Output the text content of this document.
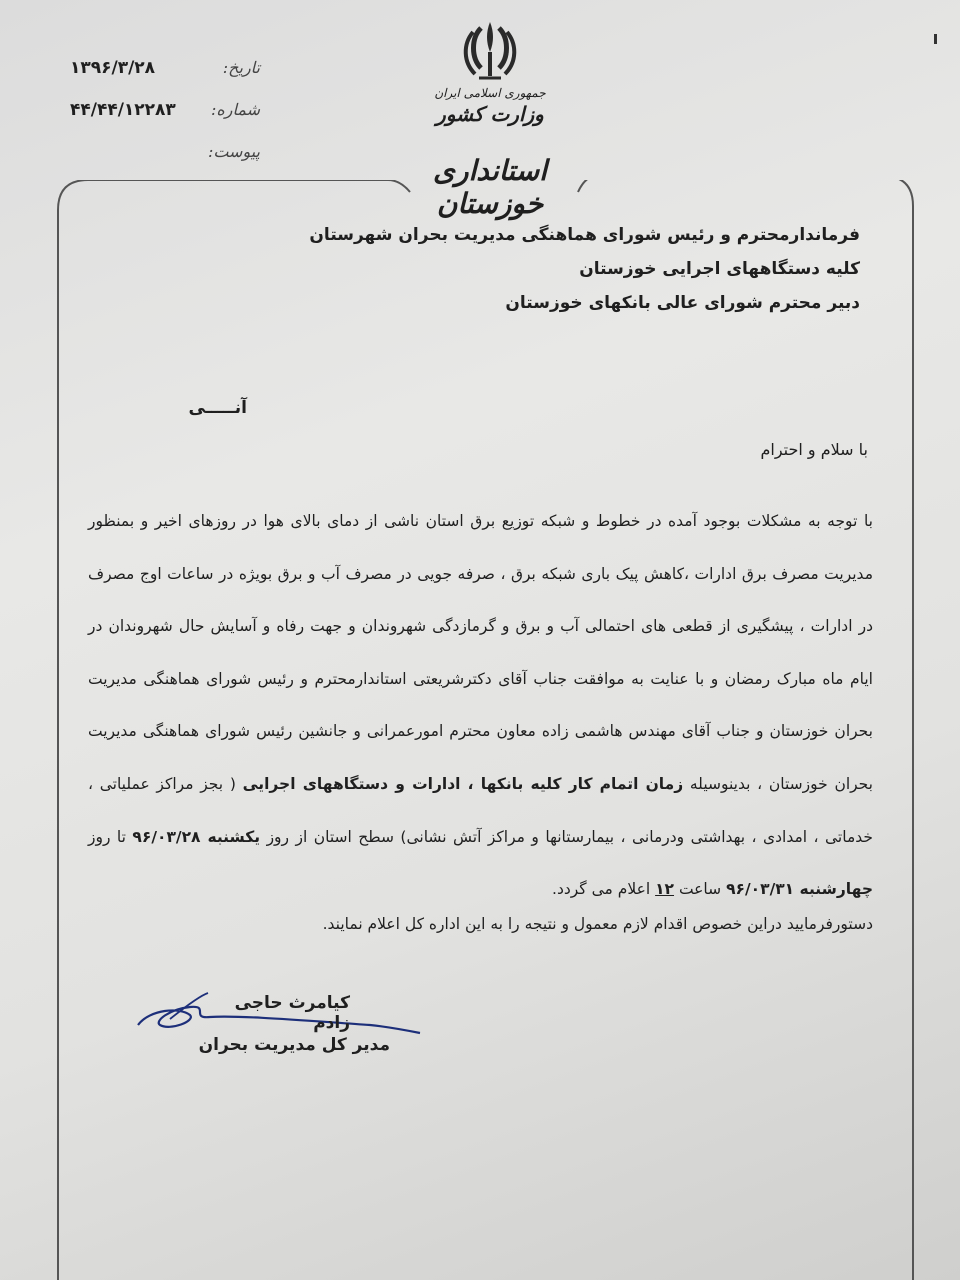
تاریخ:
۱۳۹۶/۳/۲۸
شماره:
۴۴/۴۴/۱۲۲۸۳
پیوست:
جمهوری اسلامی ایران
وزارت کشور
استانداری خوزستان
فرماندارمحترم و رئیس شورای هماهنگی مدیریت بحران شهرستان
کلیه دستگاههای اجرایی خوزستان
دبیر محترم شورای عالی بانکهای خوزستان
آنـــــی
با سلام و احترام
با توجه به مشکلات بوجود آمده در خطوط و شبکه توزیع برق استان ناشی از دمای بالای هوا در روزهای اخیر و بمنظور مدیریت مصرف برق ادارات ،کاهش پیک باری شبکه برق ، صرفه جویی در مصرف آب و برق بویژه در ساعات اوج مصرف در ادارات ، پیشگیری از قطعی های احتمالی آب و برق و گرمازدگی شهروندان و جهت رفاه و آسایش حال شهروندان در ایام ماه مبارک رمضان و با عنایت به موافقت جناب آقای دکترشریعتی استاندارمحترم و رئیس شورای هماهنگی مدیریت بحران خوزستان و جناب آقای مهندس هاشمی زاده معاون محترم امورعمرانی و جانشین رئیس شورای هماهنگی مدیریت بحران خوزستان ، بدینوسیله زمان اتمام کار کلیه بانکها ، ادارات و دستگاههای اجرایی ( بجز مراکز عملیاتی ، خدماتی ، امدادی ، بهداشتی ودرمانی ، بیمارستانها و مراکز آتش نشانی) سطح استان از روز یکشنبه ۹۶/۰۳/۲۸ تا روز چهارشنبه ۹۶/۰۳/۳۱ ساعت ۱۲ اعلام می گردد.
دستورفرمایید دراین خصوص اقدام لازم معمول و نتیجه را به این اداره کل اعلام نمایند.
کیامرث حاجی زادم
مدیر کل مدیریت بحران
